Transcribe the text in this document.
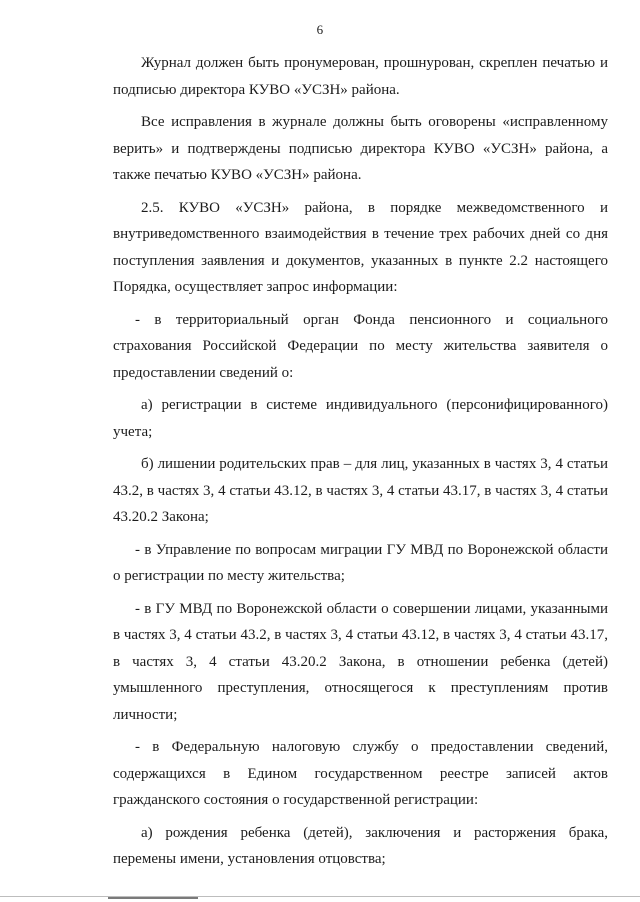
6

Журнал должен быть пронумерован, прошнурован, скреплен печатью и подписью директора КУВО «УСЗН» района.

Все исправления в журнале должны быть оговорены «исправленному верить» и подтверждены подписью директора КУВО «УСЗН» района, а также печатью КУВО «УСЗН» района.

2.5. КУВО «УСЗН» района, в порядке межведомственного и внутриведомственного взаимодействия в течение трех рабочих дней со дня поступления заявления и документов, указанных в пункте 2.2 настоящего Порядка, осуществляет запрос информации:

- в территориальный орган Фонда пенсионного и социального страхования Российской Федерации по месту жительства заявителя о предоставлении сведений о:

а) регистрации в системе индивидуального (персонифицированного) учета;

б) лишении родительских прав – для лиц, указанных в частях 3, 4 статьи 43.2, в частях 3, 4 статьи 43.12, в частях 3, 4 статьи 43.17, в частях 3, 4 статьи 43.20.2 Закона;

- в Управление по вопросам миграции ГУ МВД по Воронежской области о регистрации по месту жительства;

- в ГУ МВД по Воронежской области о совершении лицами, указанными в частях 3, 4 статьи 43.2, в частях 3, 4 статьи 43.12, в частях 3, 4 статьи 43.17, в частях 3, 4 статьи 43.20.2 Закона, в отношении ребенка (детей) умышленного преступления, относящегося к преступлениям против личности;

- в Федеральную налоговую службу о предоставлении сведений, содержащихся в Едином государственном реестре записей актов гражданского состояния о государственной регистрации:

а) рождения ребенка (детей), заключения и расторжения брака, перемены имени, установления отцовства;
